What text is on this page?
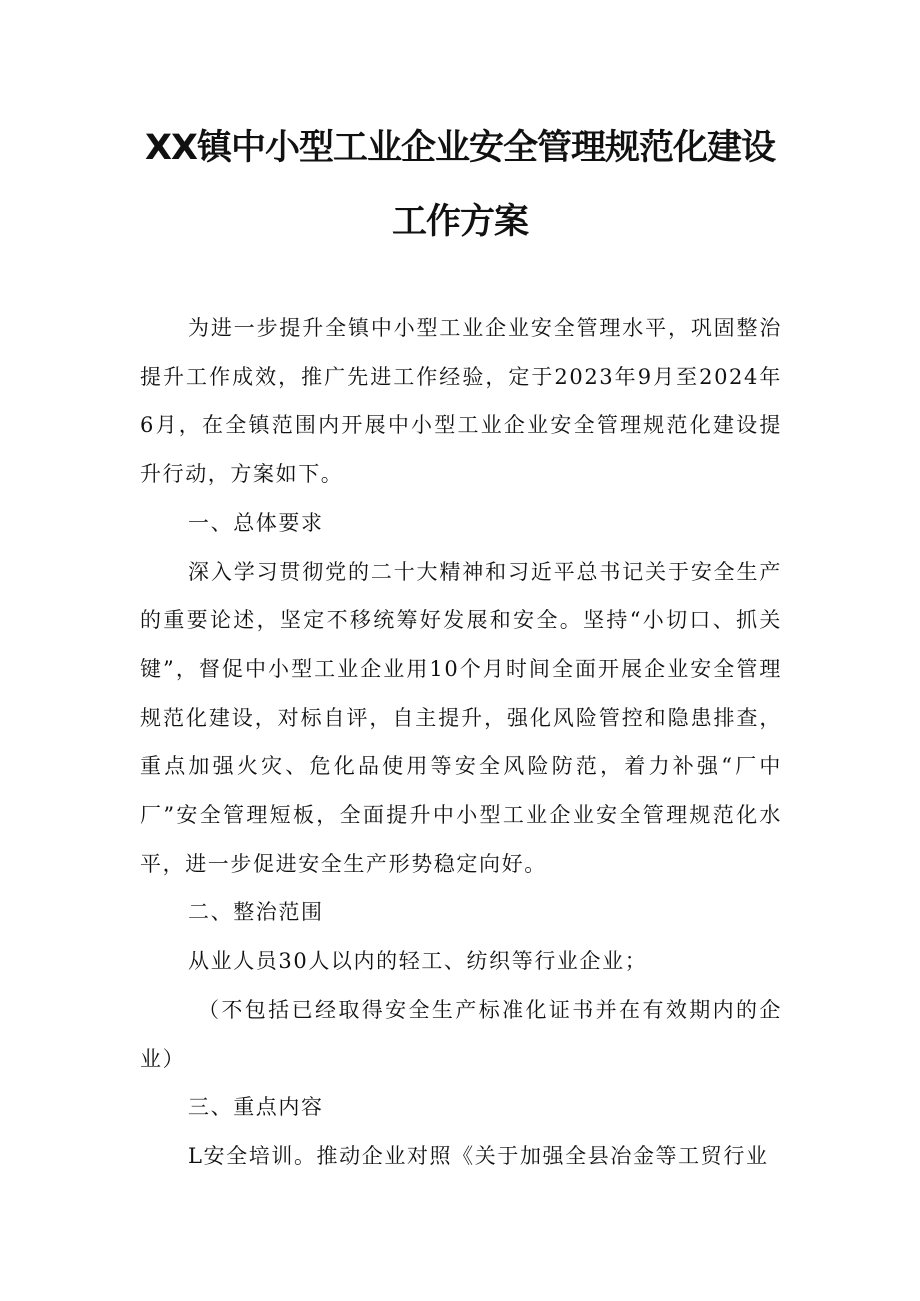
XX镇中小型工业企业安全管理规范化建设
工作方案

为进一步提升全镇中小型工业企业安全管理水平，巩固整治提升工作成效，推广先进工作经验，定于2023年9月至2024年6月，在全镇范围内开展中小型工业企业安全管理规范化建设提升行动，方案如下。

一、总体要求

深入学习贯彻党的二十大精神和习近平总书记关于安全生产的重要论述，坚定不移统筹好发展和安全。坚持“小切口、抓关键”，督促中小型工业企业用10个月时间全面开展企业安全管理规范化建设，对标自评，自主提升，强化风险管控和隐患排查，重点加强火灾、危化品使用等安全风险防范，着力补强“厂中厂”安全管理短板，全面提升中小型工业企业安全管理规范化水平，进一步促进安全生产形势稳定向好。

二、整治范围

从业人员30人以内的轻工、纺织等行业企业；

（不包括已经取得安全生产标准化证书并在有效期内的企业）

三、重点内容

L安全培训。推动企业对照《关于加强全县冶金等工贸行业
